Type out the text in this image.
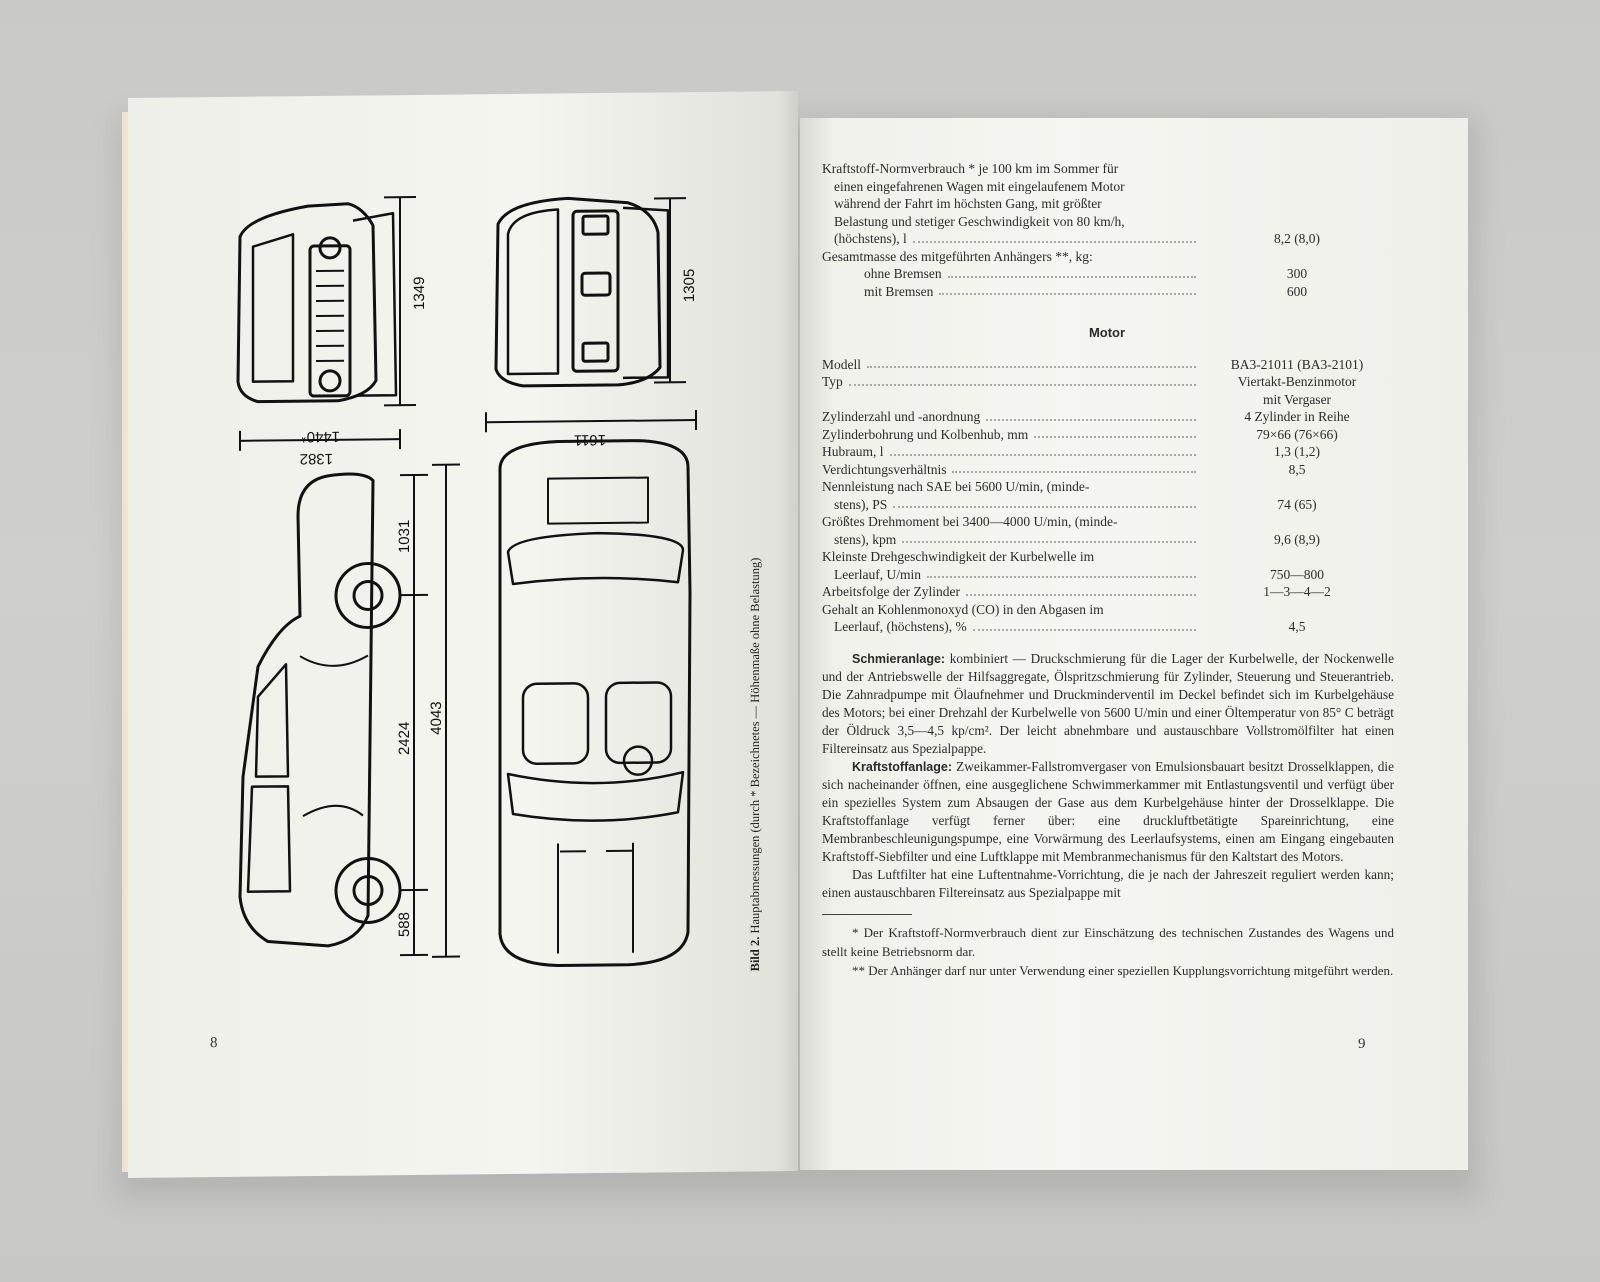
1349	1305
1382
1440*	1611
1031
2424
4043
588
Bild 2. Hauptabmessungen (durch * Bezeichnetes — Höhenmaße ohne Belastung)
8
Kraftstoff-Normverbrauch * je 100 km im Sommer für
einen eingefahrenen Wagen mit eingelaufenem Motor
während der Fahrt im höchsten Gang, mit größter
Belastung und stetiger Geschwindigkeit von 80 km/h,
(höchstens), l	8,2 (8,0)
Gesamtmasse des mitgeführten Anhängers **, kg:
ohne Bremsen	300
mit Bremsen	600
Motor
Modell	BA3-21011 (BA3-2101)
Typ	Viertakt-Benzinmotor
mit Vergaser
Zylinderzahl und -anordnung	4 Zylinder in Reihe
Zylinderbohrung und Kolbenhub, mm	79×66 (76×66)
Hubraum, l	1,3 (1,2)
Verdichtungsverhältnis	8,5
Nennleistung nach SAE bei 5600 U/min, (minde-
stens), PS	74 (65)
Größtes Drehmoment bei 3400—4000 U/min, (minde-
stens), kpm	9,6 (8,9)
Kleinste Drehgeschwindigkeit der Kurbelwelle im
Leerlauf, U/min	750—800
Arbeitsfolge der Zylinder	1—3—4—2
Gehalt an Kohlenmonoxyd (CO) in den Abgasen im
Leerlauf, (höchstens), %	4,5
Schmieranlage: kombiniert — Druckschmierung für die Lager der Kurbelwelle, der Nockenwelle und der Antriebswelle der Hilfsaggregate, Ölspritzschmierung für Zylinder, Steuerung und Steuerantrieb. Die Zahnradpumpe mit Ölaufnehmer und Druckminderventil im Deckel befindet sich im Kurbelgehäuse des Motors; bei einer Drehzahl der Kurbelwelle von 5600 U/min und einer Öltemperatur von 85° C beträgt der Öldruck 3,5—4,5 kp/cm². Der leicht abnehmbare und austauschbare Vollstromölfilter hat einen Filtereinsatz aus Spezialpappe.
Kraftstoffanlage: Zweikammer-Fallstromvergaser von Emulsionsbauart besitzt Drosselklappen, die sich nacheinander öffnen, eine ausgeglichene Schwimmerkammer mit Entlastungsventil und verfügt über ein spezielles System zum Absaugen der Gase aus dem Kurbelgehäuse hinter der Drosselklappe. Die Kraftstoffanlage verfügt ferner über: eine druckluftbetätigte Spareinrichtung, eine Membranbeschleunigungspumpe, eine Vorwärmung des Leerlaufsystems, einen am Eingang eingebauten Kraftstoff-Siebfilter und eine Luftklappe mit Membranmechanismus für den Kaltstart des Motors.
Das Luftfilter hat eine Luftentnahme-Vorrichtung, die je nach der Jahreszeit reguliert werden kann; einen austauschbaren Filtereinsatz aus Spezialpappe mit
* Der Kraftstoff-Normverbrauch dient zur Einschätzung des technischen Zustandes des Wagens und stellt keine Betriebsnorm dar.
** Der Anhänger darf nur unter Verwendung einer speziellen Kupplungsvorrichtung mitgeführt werden.
9
